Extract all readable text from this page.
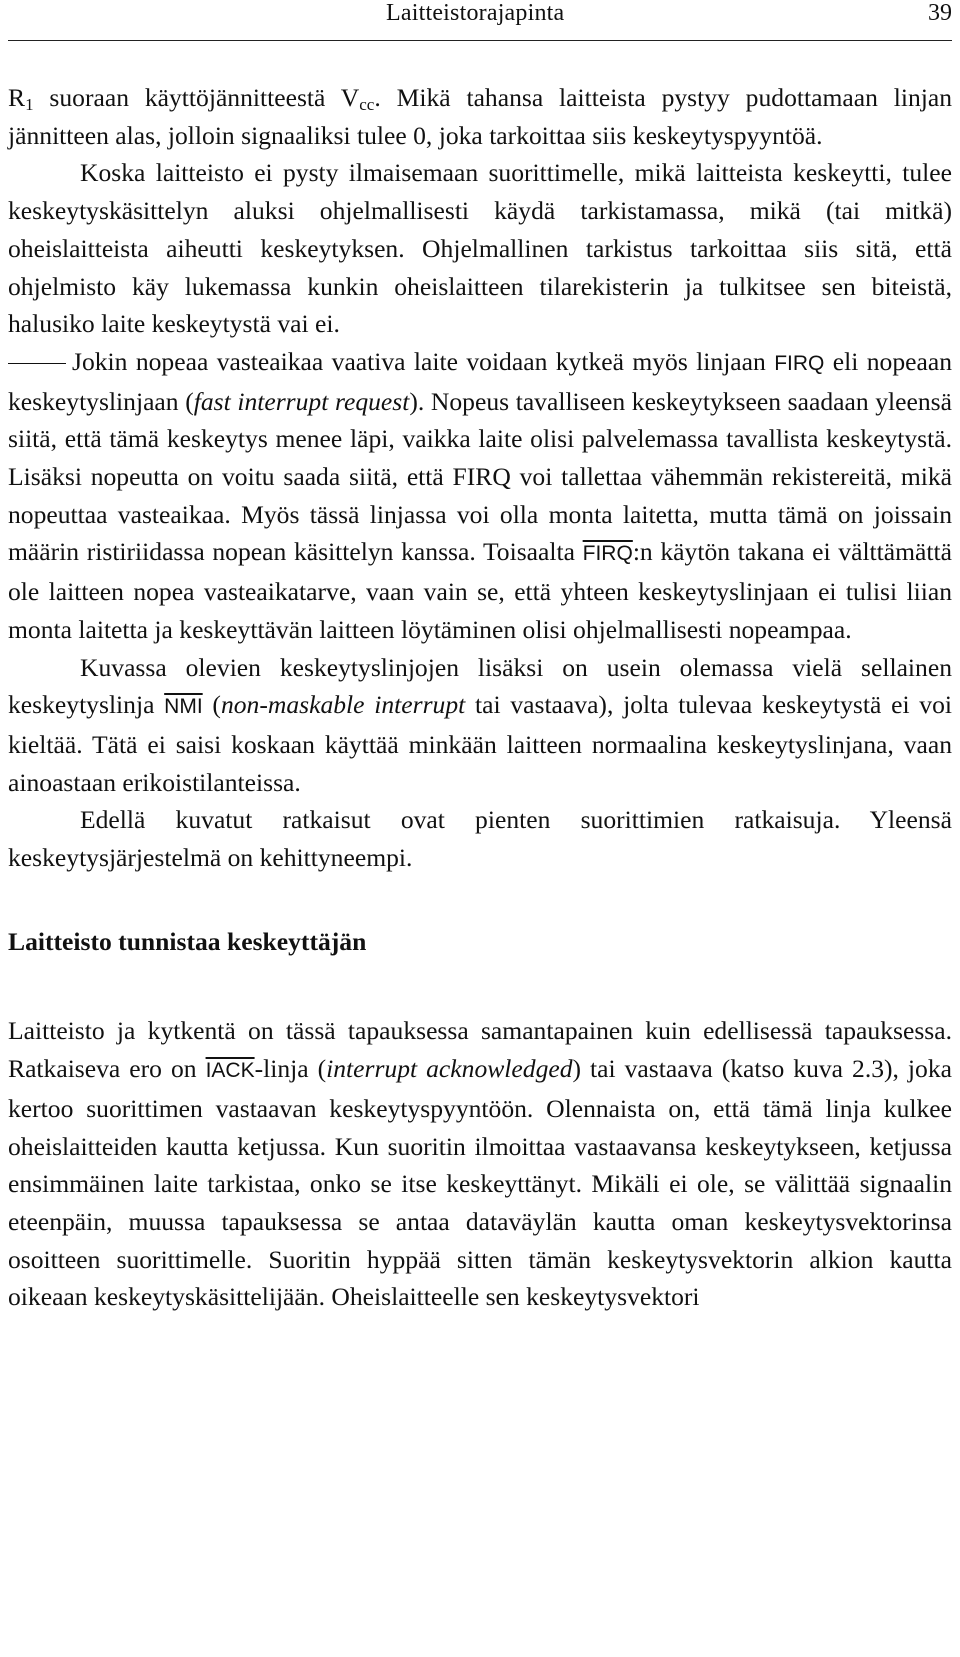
Laitteistorajapinta	39

$R_1$ suoraan käyttöjännitteestä $V_{cc}$. Mikä tahansa laitteista pystyy pudottamaan linjan jännitteen alas, jolloin signaaliksi tulee 0, joka tarkoittaa siis keskeytyspyyntöä.

Koska laitteisto ei pysty ilmaisemaan suorittimelle, mikä laitteista keskeytti, tulee keskeytyskäsittelyn aluksi ohjelmallisesti käydä tarkistamassa, mikä (tai mitkä) oheislaitteista aiheutti keskeytyksen. Ohjelmallinen tarkistus tarkoittaa siis sitä, että ohjelmisto käy lukemassa kunkin oheislaitteen tilarekisterin ja tulkitsee sen biteistä, halusiko laite keskeytystä vai ei.

Jokin nopeaa vasteaikaa vaativa laite voidaan kytkeä myös linjaan FIRQ eli nopeaan keskeytyslinjaan (fast interrupt request). Nopeus tavalliseen keskeytykseen saadaan yleensä siitä, että tämä keskeytys menee läpi, vaikka laite olisi palvelemassa tavallista keskeytystä. Lisäksi nopeutta on voitu saada siitä, että FIRQ voi tallettaa vähemmän rekistereitä, mikä nopeuttaa vasteaikaa. Myös tässä linjassa voi olla monta laitetta, mutta tämä on joissain määrin ristiriidassa nopean käsittelyn kanssa. Toisaalta FIRQ:n käytön takana ei välttämättä ole laitteen nopea vasteaikatarve, vaan vain se, että yhteen keskeytyslinjaan ei tulisi liian monta laitetta ja keskeyttävän laitteen löytäminen olisi ohjelmallisesti nopeampaa.

Kuvassa olevien keskeytyslinjojen lisäksi on usein olemassa vielä sellainen keskeytyslinja $\overline{NMI}$ (non-maskable interrupt tai vastaava), jolta tulevaa keskeytystä ei voi kieltää. Tätä ei saisi koskaan käyttää minkään laitteen normaalina keskeytyslinjana, vaan ainoastaan erikoistilanteissa.

Edellä kuvatut ratkaisut ovat pienten suorittimien ratkaisuja. Yleensä keskeytysjärjestelmä on kehittyneempi.

Laitteisto tunnistaa keskeyttäjän

Laitteisto ja kytkentä on tässä tapauksessa samantapainen kuin edellisessä tapauksessa. Ratkaiseva ero on IACK-linja (interrupt acknowledged) tai vastaava (katso kuva 2.3), joka kertoo suorittimen vastaavan keskeytyspyyntöön. Olennaista on, että tämä linja kulkee oheislaitteiden kautta ketjussa. Kun suoritin ilmoittaa vastaavansa keskeytykseen, ketjussa ensimmäinen laite tarkistaa, onko se itse keskeyttänyt. Mikäli ei ole, se välittää signaalin eteenpäin, muussa tapauksessa se antaa dataväylän kautta oman keskeytysvektorinsa osoitteen suorittimelle. Suoritin hyppää sitten tämän keskeytysvektorin alkion kautta oikeaan keskeytyskäsittelijään. Oheislaitteelle sen keskeytysvektori
